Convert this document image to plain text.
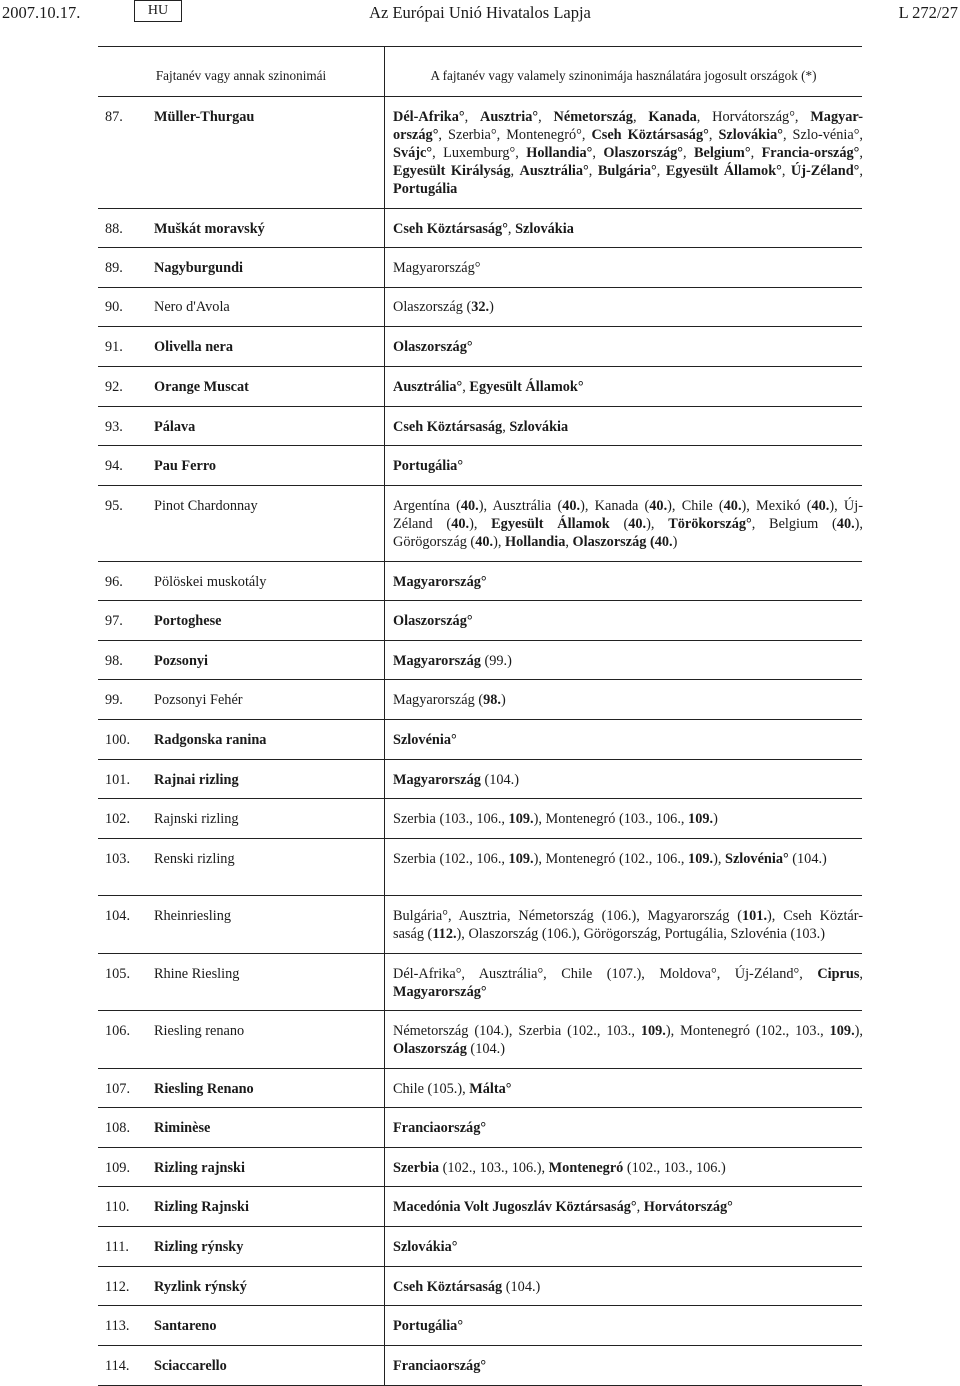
2007.10.17.	HU	Az Európai Unió Hivatalos Lapja	L 272/27
Fajtanév vagy annak szinonimái	A fajtanév vagy valamely szinonimája használatára jogosult országok (*)
87. Müller-Thurgau	Dél-Afrika°, Ausztria°, Németország, Kanada, Horvátország°, Magyar-ország°, Szerbia°, Montenegró°, Cseh Köztársaság°, Szlovákia°, Szlo-vénia°, Svájc°, Luxemburg°, Hollandia°, Olaszország°, Belgium°, Francia-ország°, Egyesült Királyság, Ausztrália°, Bulgária°, Egyesült Államok°, Új-Zéland°, Portugália
88. Muškát moravský	Cseh Köztársaság°, Szlovákia
89. Nagyburgundi	Magyarország°
90. Nero d'Avola	Olaszország (32.)
91. Olivella nera	Olaszország°
92. Orange Muscat	Ausztrália°, Egyesült Államok°
93. Pálava	Cseh Köztársaság, Szlovákia
94. Pau Ferro	Portugália°
95. Pinot Chardonnay	Argentína (40.), Ausztrália (40.), Kanada (40.), Chile (40.), Mexikó (40.), Új-Zéland (40.), Egyesült Államok (40.), Törökország°, Belgium (40.), Görögország (40.), Hollandia, Olaszország (40.)
96. Pölöskei muskotály	Magyarország°
97. Portoghese	Olaszország°
98. Pozsonyi	Magyarország (99.)
99. Pozsonyi Fehér	Magyarország (98.)
100. Radgonska ranina	Szlovénia°
101. Rajnai rizling	Magyarország (104.)
102. Rajnski rizling	Szerbia (103., 106., 109.), Montenegró (103., 106., 109.)
103. Renski rizling	Szerbia (102., 106., 109.), Montenegró (102., 106., 109.), Szlovénia° (104.)
104. Rheinriesling	Bulgária°, Ausztria, Németország (106.), Magyarország (101.), Cseh Köztár-saság (112.), Olaszország (106.), Görögország, Portugália, Szlovénia (103.)
105. Rhine Riesling	Dél-Afrika°, Ausztrália°, Chile (107.), Moldova°, Új-Zéland°, Ciprus, Magyarország°
106. Riesling renano	Németország (104.), Szerbia (102., 103., 109.), Montenegró (102., 103., 109.), Olaszország (104.)
107. Riesling Renano	Chile (105.), Málta°
108. Riminèse	Franciaország°
109. Rizling rajnski	Szerbia (102., 103., 106.), Montenegró (102., 103., 106.)
110. Rizling Rajnski	Macedónia Volt Jugoszláv Köztársaság°, Horvátország°
111. Rizling rýnsky	Szlovákia°
112. Ryzlink rýnský	Cseh Köztársaság (104.)
113. Santareno	Portugália°
114. Sciaccarello	Franciaország°
